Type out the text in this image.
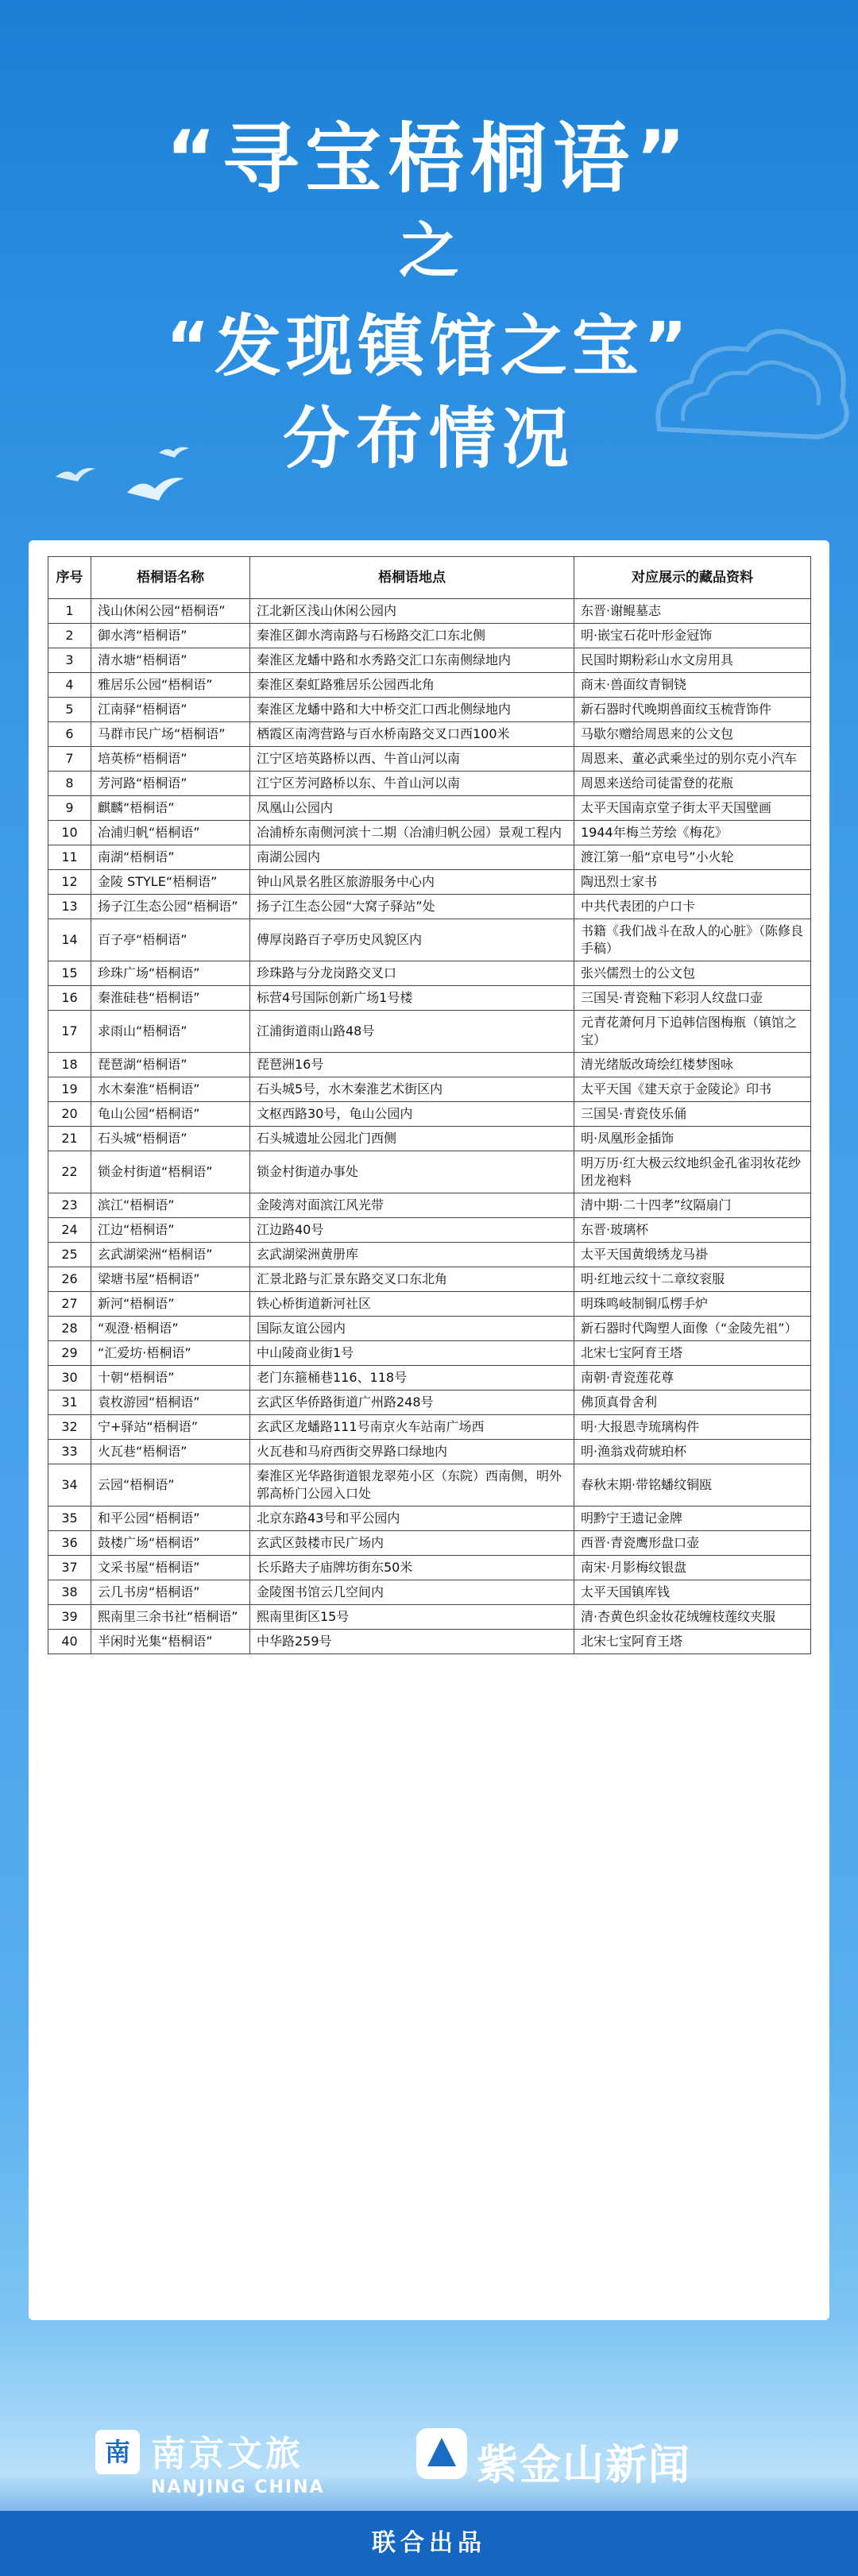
“寻宝梧桐语”
之
“发现镇馆之宝”
分布情况
序号	梧桐语名称	梧桐语地点	对应展示的藏品资料
1	浅山休闲公园“梧桐语”	江北新区浅山休闲公园内	东晋·谢鲲墓志
2	御水湾“梧桐语”	秦淮区御水湾南路与石杨路交汇口东北侧	明·嵌宝石花叶形金冠饰
3	清水塘“梧桐语”	秦淮区龙蟠中路和水秀路交汇口东南侧绿地内	民国时期粉彩山水文房用具
4	雅居乐公园“梧桐语”	秦淮区秦虹路雅居乐公园西北角	商末·兽面纹青铜铙
5	江南驿“梧桐语”	秦淮区龙蟠中路和大中桥交汇口西北侧绿地内	新石器时代晚期兽面纹玉梳背饰件
6	马群市民广场“梧桐语”	栖霞区南湾营路与百水桥南路交叉口西100米	马歇尔赠给周恩来的公文包
7	培英桥“梧桐语”	江宁区培英路桥以西、牛首山河以南	周恩来、董必武乘坐过的别尔克小汽车
8	芳河路“梧桐语”	江宁区芳河路桥以东、牛首山河以南	周恩来送给司徒雷登的花瓶
9	麒麟“梧桐语”	凤凰山公园内	太平天国南京堂子街太平天国壁画
10	冶浦归帆“梧桐语”	冶浦桥东南侧河滨十二期（冶浦归帆公园）景观工程内	1944年梅兰芳绘《梅花》
11	南湖“梧桐语”	南湖公园内	渡江第一船“京电号”小火轮
12	金陵 STYLE“梧桐语”	钟山风景名胜区旅游服务中心内	陶迅烈士家书
13	扬子江生态公园“梧桐语”	扬子江生态公园“大窝子驿站”处	中共代表团的户口卡
14	百子亭“梧桐语”	傅厚岗路百子亭历史风貌区内	书籍《我们战斗在敌人的心脏》（陈修良手稿）
15	珍珠广场“梧桐语”	珍珠路与分龙岗路交叉口	张兴儒烈士的公文包
16	秦淮硅巷“梧桐语”	标营4号国际创新广场1号楼	三国吴·青瓷釉下彩羽人纹盘口壶
17	求雨山“梧桐语”	江浦街道雨山路48号	元青花萧何月下追韩信图梅瓶（镇馆之宝）
18	琵琶湖“梧桐语”	琵琶洲16号	清光绪版改琦绘红楼梦图咏
19	水木秦淮“梧桐语”	石头城5号，水木秦淮艺术街区内	太平天国《建天京于金陵论》印书
20	龟山公园“梧桐语”	文枢西路30号，龟山公园内	三国吴·青瓷伎乐俑
21	石头城“梧桐语”	石头城遗址公园北门西侧	明·凤凰形金插饰
22	锁金村街道“梧桐语”	锁金村街道办事处	明万历·红大极云纹地织金孔雀羽妆花纱团龙袍料
23	滨江“梧桐语”	金陵湾对面滨江风光带	清中期·二十四孝”纹隔扇门
24	江边“梧桐语”	江边路40号	东晋·玻璃杯
25	玄武湖梁洲“梧桐语”	玄武湖梁洲黄册库	太平天国黄缎绣龙马褂
26	梁塘书屋“梧桐语”	汇景北路与汇景东路交叉口东北角	明·红地云纹十二章纹衮服
27	新河“梧桐语”	铁心桥街道新河社区	明珠鸣岐制铜瓜楞手炉
28	“观澄·梧桐语”	国际友谊公园内	新石器时代陶塑人面像（“金陵先祖”）
29	“汇爱坊·梧桐语”	中山陵商业街1号	北宋七宝阿育王塔
30	十朝“梧桐语”	老门东箍桶巷116、118号	南朝·青瓷莲花尊
31	袁枚游园“梧桐语”	玄武区华侨路街道广州路248号	佛顶真骨舍利
32	宁+驿站“梧桐语”	玄武区龙蟠路111号南京火车站南广场西	明·大报恩寺琉璃构件
33	火瓦巷“梧桐语”	火瓦巷和马府西街交界路口绿地内	明·渔翁戏荷琥珀杯
34	云园“梧桐语”	秦淮区光华路街道银龙翠苑小区（东院）西南侧，明外郭高桥门公园入口处	春秋末期·带铭蟠纹铜瓯
35	和平公园“梧桐语”	北京东路43号和平公园内	明黔宁王遗记金牌
36	鼓楼广场“梧桐语”	玄武区鼓楼市民广场内	西晋·青瓷鹰形盘口壶
37	文采书屋“梧桐语”	长乐路夫子庙牌坊街东50米	南宋·月影梅纹银盘
38	云几书房“梧桐语”	金陵图书馆云几空间内	太平天国镇库钱
39	熙南里三余书社“梧桐语”	熙南里街区15号	清·杏黄色织金妆花绒缠枝莲纹夹服
40	半闲时光集“梧桐语”	中华路259号	北宋七宝阿育王塔
南 南京文旅
NANJING CHINA	紫金山新闻
联合出品
